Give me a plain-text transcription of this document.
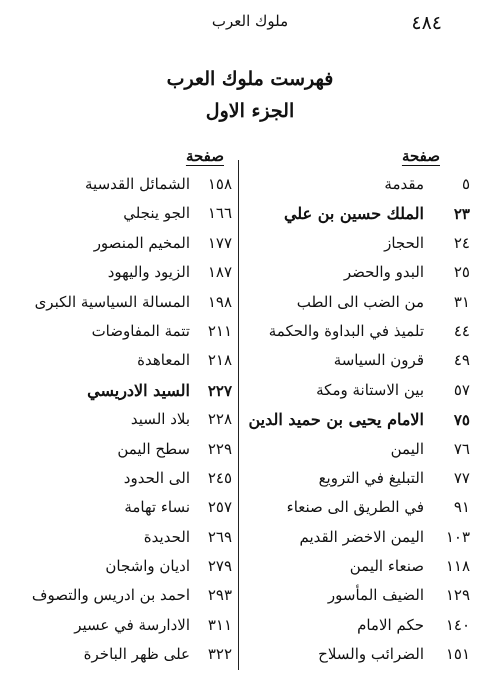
٤٨٤
ملوك العرب
فهرست ملوك العرب
الجزء الاول
صفحة
صفحة
٥
مقدمة
٢٣
الملك حسين بن علي
٢٤
الحجاز
٢٥
البدو والحضر
٣١
من الضب الى الطب
٤٤
تلميذ في البداوة والحكمة
٤٩
قرون السياسة
٥٧
بين الاستانة ومكة
٧٥
الامام يحيى بن حميد الدين
٧٦
اليمن
٧٧
التبليغ في الترويع
٩١
في الطريق الى صنعاء
١٠٣
اليمن الاخضر القديم
١١٨
صنعاء اليمن
١٢٩
الضيف المأسور
١٤٠
حكم الامام
١٥١
الضرائب والسلاح
١٥٨
الشمائل القدسية
١٦٦
الجو ينجلي
١٧٧
المخيم المنصور
١٨٧
الزيود واليهود
١٩٨
المسالة السياسية الكبرى
٢١١
تتمة المفاوضات
٢١٨
المعاهدة
٢٢٧
السيد الادريسي
٢٢٨
بلاد السيد
٢٢٩
سطح اليمن
٢٤٥
الى الحدود
٢٥٧
نساء تهامة
٢٦٩
الحديدة
٢٧٩
اديان واشجان
٢٩٣
احمد بن ادريس والتصوف
٣١١
الادارسة في عسير
٣٢٢
على ظهر الباخرة
